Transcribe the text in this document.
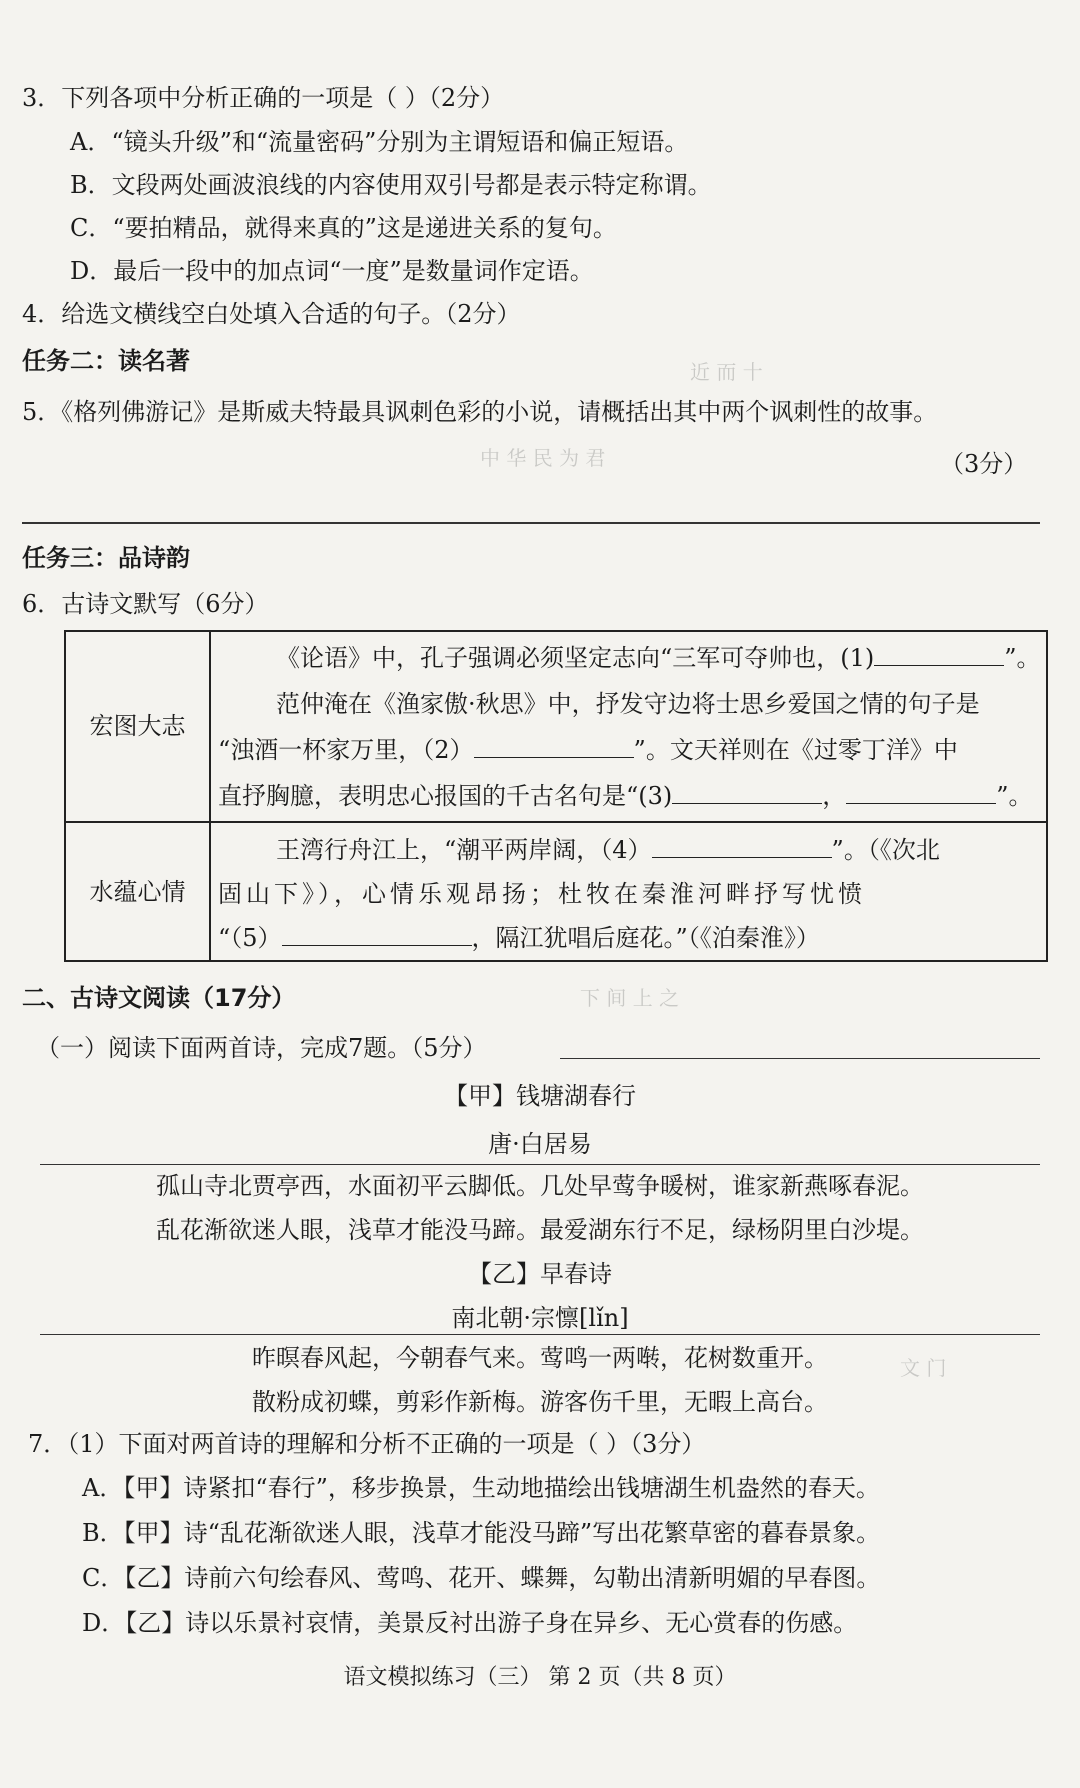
近 而 十
中 华 民 为 君
下 间 上 之
文 门
3．下列各项中分析正确的一项是（ ）（2分）
A．“镜头升级”和“流量密码”分别为主谓短语和偏正短语。
B．文段两处画波浪线的内容使用双引号都是表示特定称谓。
C．“要拍精品，就得来真的”这是递进关系的复句。
D．最后一段中的加点词“一度”是数量词作定语。
4．给选文横线空白处填入合适的句子。（2分）
任务二：读名著
5．《格列佛游记》是斯威夫特最具讽刺色彩的小说，请概括出其中两个讽刺性的故事。
（3分）
任务三：品诗韵
6．古诗文默写（6分）
宏图大志
《论语》中，孔子强调必须坚定志向“三军可夺帅也，(1)	”。
范仲淹在《渔家傲·秋思》中，抒发守边将士思乡爱国之情的句子是
“浊酒一杯家万里，（2）	”。文天祥则在《过零丁洋》中
直抒胸臆，表明忠心报国的千古名句是“(3)	，	”。
水蕴心情
王湾行舟江上，“潮平两岸阔，（4）	”。（《次北
固山下》），心情乐观昂扬；杜牧在秦淮河畔抒写忧愤
“（5）	，隔江犹唱后庭花。”（《泊秦淮》）
二、古诗文阅读（17分）
（一）阅读下面两首诗，完成7题。（5分）
【甲】钱塘湖春行
唐·白居易
孤山寺北贾亭西，水面初平云脚低。几处早莺争暖树，谁家新燕啄春泥。
乱花渐欲迷人眼，浅草才能没马蹄。最爱湖东行不足，绿杨阴里白沙堤。
【乙】早春诗
南北朝·宗懔[lǐn]
昨暝春风起，今朝春气来。莺鸣一两啭，花树数重开。
散粉成初蝶，剪彩作新梅。游客伤千里，无暇上高台。
7．（1）下面对两首诗的理解和分析不正确的一项是（ ）（3分）
A．【甲】诗紧扣“春行”，移步换景，生动地描绘出钱塘湖生机盎然的春天。
B．【甲】诗“乱花渐欲迷人眼，浅草才能没马蹄”写出花繁草密的暮春景象。
C．【乙】诗前六句绘春风、莺鸣、花开、蝶舞，勾勒出清新明媚的早春图。
D．【乙】诗以乐景衬哀情，美景反衬出游子身在异乡、无心赏春的伤感。
语文模拟练习（三） 第 2 页（共 8 页）
